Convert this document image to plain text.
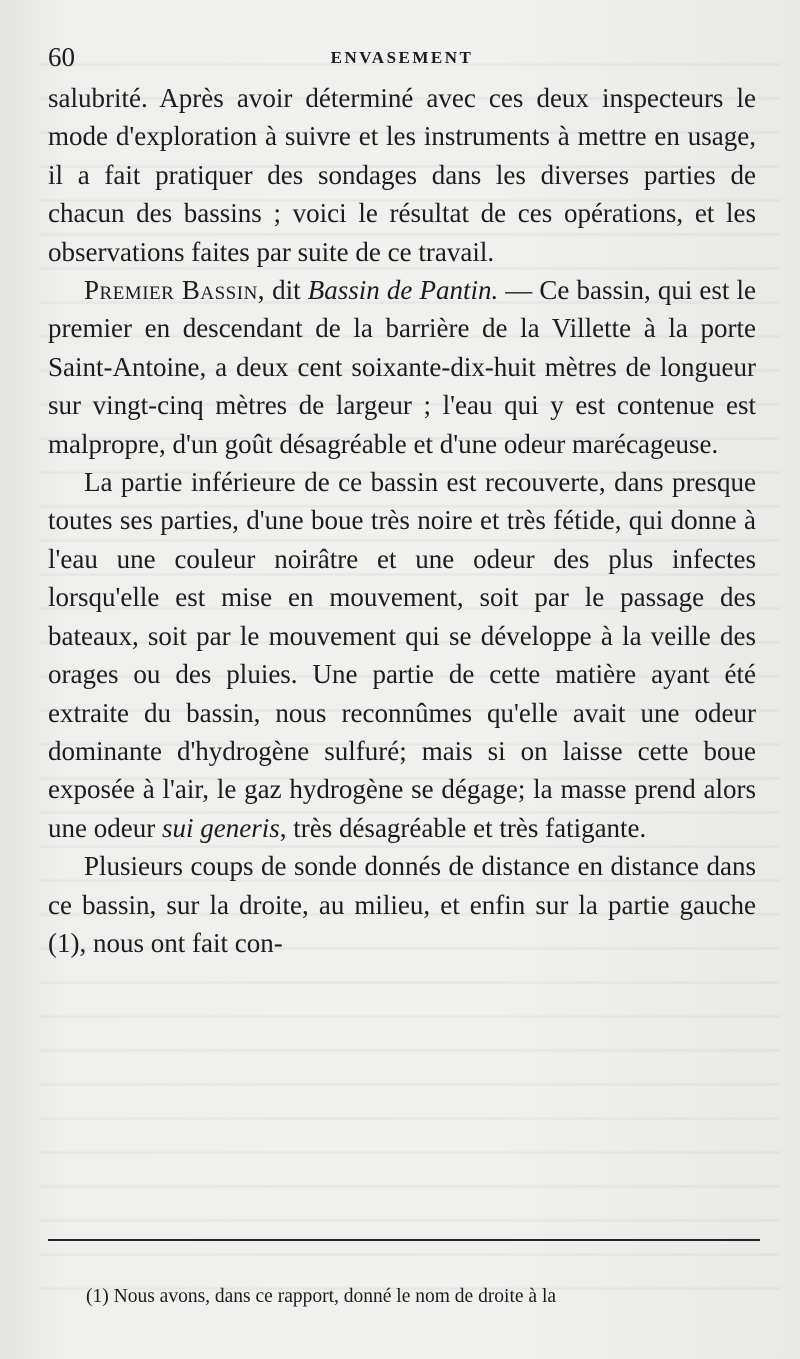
60	ENVASEMENT

salubrité. Après avoir déterminé avec ces deux inspecteurs le mode d'exploration à suivre et les instruments à mettre en usage, il a fait pratiquer des sondages dans les diverses parties de chacun des bassins ; voici le résultat de ces opérations, et les observations faites par suite de ce travail.

Premier Bassin, dit Bassin de Pantin. — Ce bassin, qui est le premier en descendant de la barrière de la Villette à la porte Saint-Antoine, a deux cent soixante-dix-huit mètres de longueur sur vingt-cinq mètres de largeur ; l'eau qui y est contenue est malpropre, d'un goût désagréable et d'une odeur marécageuse.

La partie inférieure de ce bassin est recouverte, dans presque toutes ses parties, d'une boue très noire et très fétide, qui donne à l'eau une couleur noirâtre et une odeur des plus infectes lorsqu'elle est mise en mouvement, soit par le passage des bateaux, soit par le mouvement qui se développe à la veille des orages ou des pluies. Une partie de cette matière ayant été extraite du bassin, nous reconnûmes qu'elle avait une odeur dominante d'hydrogène sulfuré; mais si on laisse cette boue exposée à l'air, le gaz hydrogène se dégage; la masse prend alors une odeur sui generis, très désagréable et très fatigante.

Plusieurs coups de sonde donnés de distance en distance dans ce bassin, sur la droite, au milieu, et enfin sur la partie gauche (1), nous ont fait con-

(1) Nous avons, dans ce rapport, donné le nom de droite à la
